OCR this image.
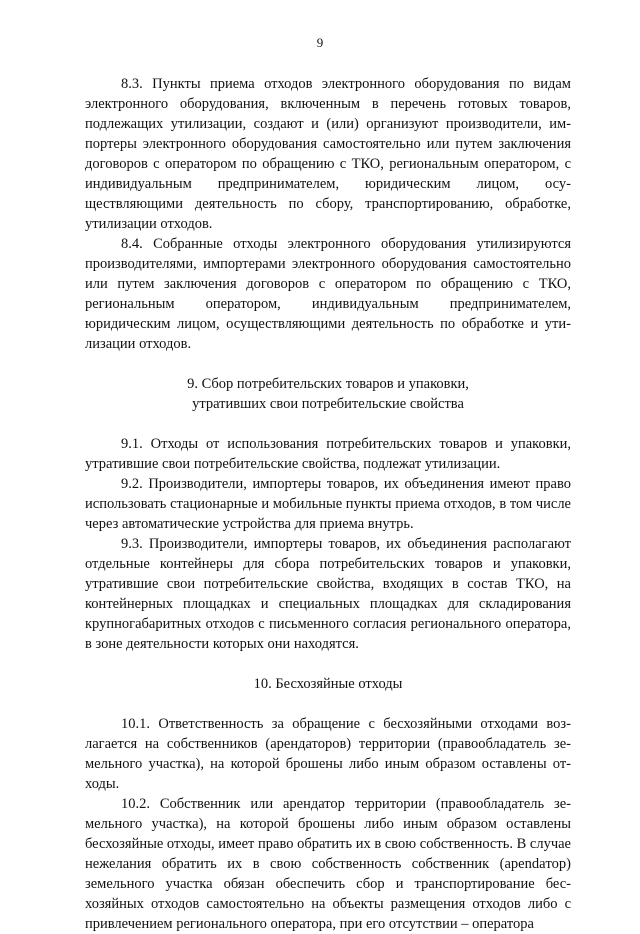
9

8.3. Пункты приема отходов электронного оборудования по видам электронного оборудования, включенным в перечень готовых товаров, подлежащих утилизации, создают и (или) организуют производители, импортеры электронного оборудования самостоятельно или путем заключения договоров с оператором по обращению с ТКО, региональным оператором, с индивидуальным предпринимателем, юридическим лицом, осуществляющими деятельность по сбору, транспортированию, обработке, утилизации отходов.

8.4. Собранные отходы электронного оборудования утилизируются производителями, импортерами электронного оборудования самостоятельно или путем заключения договоров с оператором по обращению с ТКО, региональным оператором, индивидуальным предпринимателем, юридическим лицом, осуществляющими деятельность по обработке и утилизации отходов.

9. Сбор потребительских товаров и упаковки,

утративших свои потребительские свойства

9.1. Отходы от использования потребительских товаров и упаковки, утратившие свои потребительские свойства, подлежат утилизации.

9.2. Производители, импортеры товаров, их объединения имеют право использовать стационарные и мобильные пункты приема отходов, в том числе через автоматические устройства для приема внутрь.

9.3. Производители, импортеры товаров, их объединения располагают отдельные контейнеры для сбора потребительских товаров и упаковки, утратившие свои потребительские свойства, входящих в состав ТКО, на контейнерных площадках и специальных площадках для складирования крупногабаритных отходов с письменного согласия регионального оператора, в зоне деятельности которых они находятся.

10. Бесхозяйные отходы

10.1. Ответственность за обращение с бесхозяйными отходами возлагается на собственников (арендаторов) территории (правообладатель земельного участка), на которой брошены либо иным образом оставлены отходы.

10.2. Собственник или арендатор территории (правообладатель земельного участка), на которой брошены либо иным образом оставлены бесхозяйные отходы, имеет право обратить их в свою собственность. В случае нежелания обратить их в свою собственность собственник (арendaтор) земельного участка обязан обеспечить сбор и транспортирование бесхозяйных отходов самостоятельно на объекты размещения отходов либо с привлечением регионального оператора, при его отсутствии – оператора
